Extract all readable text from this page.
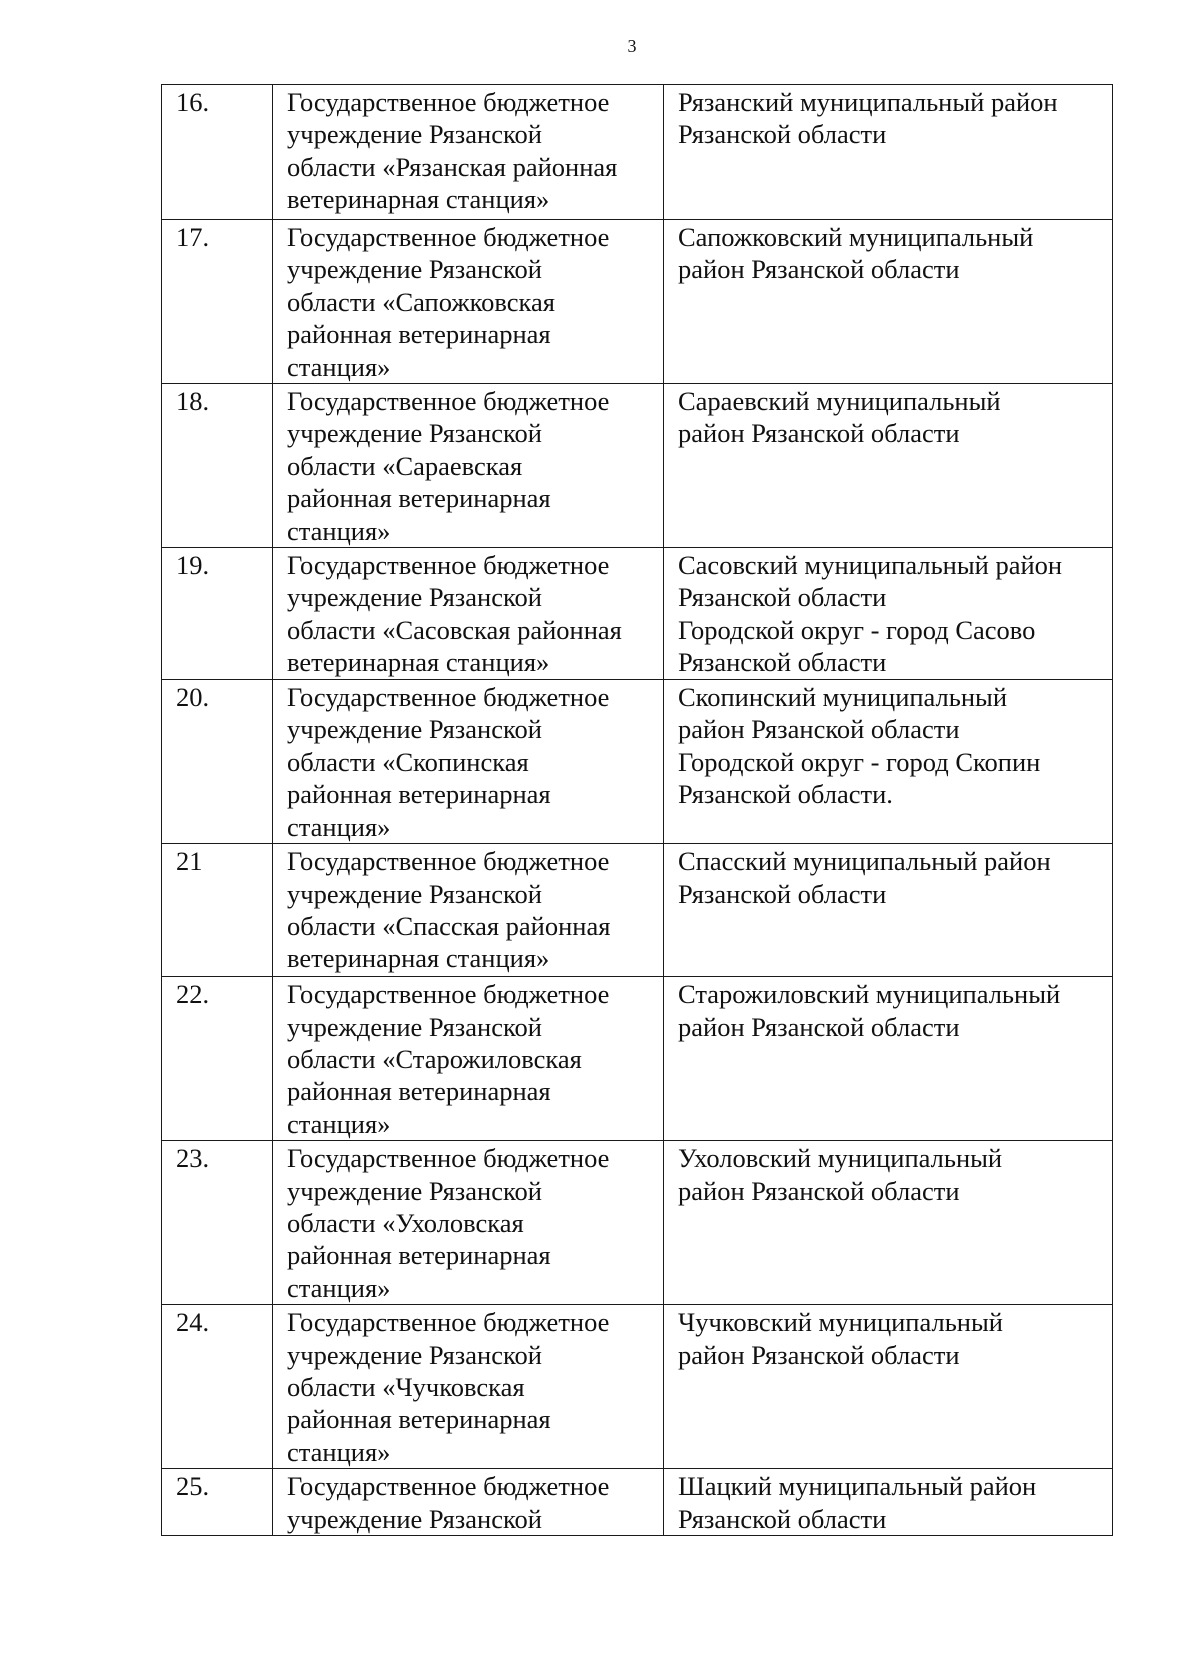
3
16.	Государственное бюджетное
учреждение Рязанской
области «Рязанская районная
ветеринарная станция»	Рязанский муниципальный район
Рязанской области

17.	Государственное бюджетное
учреждение Рязанской
области «Сапожковская
районная ветеринарная
станция»	Сапожковский муниципальный
район Рязанской области

18.	Государственное бюджетное
учреждение Рязанской
области «Сараевская
районная ветеринарная
станция»	Сараевский муниципальный
район Рязанской области

19.	Государственное бюджетное
учреждение Рязанской
области «Сасовская районная
ветеринарная станция»	Сасовский муниципальный район
Рязанской области
Городской округ - город Сасово
Рязанской области

20.	Государственное бюджетное
учреждение Рязанской
области «Скопинская
районная ветеринарная
станция»	Скопинский муниципальный
район Рязанской области
Городской округ - город Скопин
Рязанской области.

21	Государственное бюджетное
учреждение Рязанской
области «Спасская районная
ветеринарная станция»	Спасский муниципальный район
Рязанской области

22.	Государственное бюджетное
учреждение Рязанской
области «Старожиловская
районная ветеринарная
станция»	Старожиловский муниципальный
район Рязанской области

23.	Государственное бюджетное
учреждение Рязанской
области «Ухоловская
районная ветеринарная
станция»	Ухоловский муниципальный
район Рязанской области

24.	Государственное бюджетное
учреждение Рязанской
области «Чучковская
районная ветеринарная
станция»	Чучковский муниципальный
район Рязанской области

25.	Государственное бюджетное
учреждение Рязанской	Шацкий муниципальный район
Рязанской области
